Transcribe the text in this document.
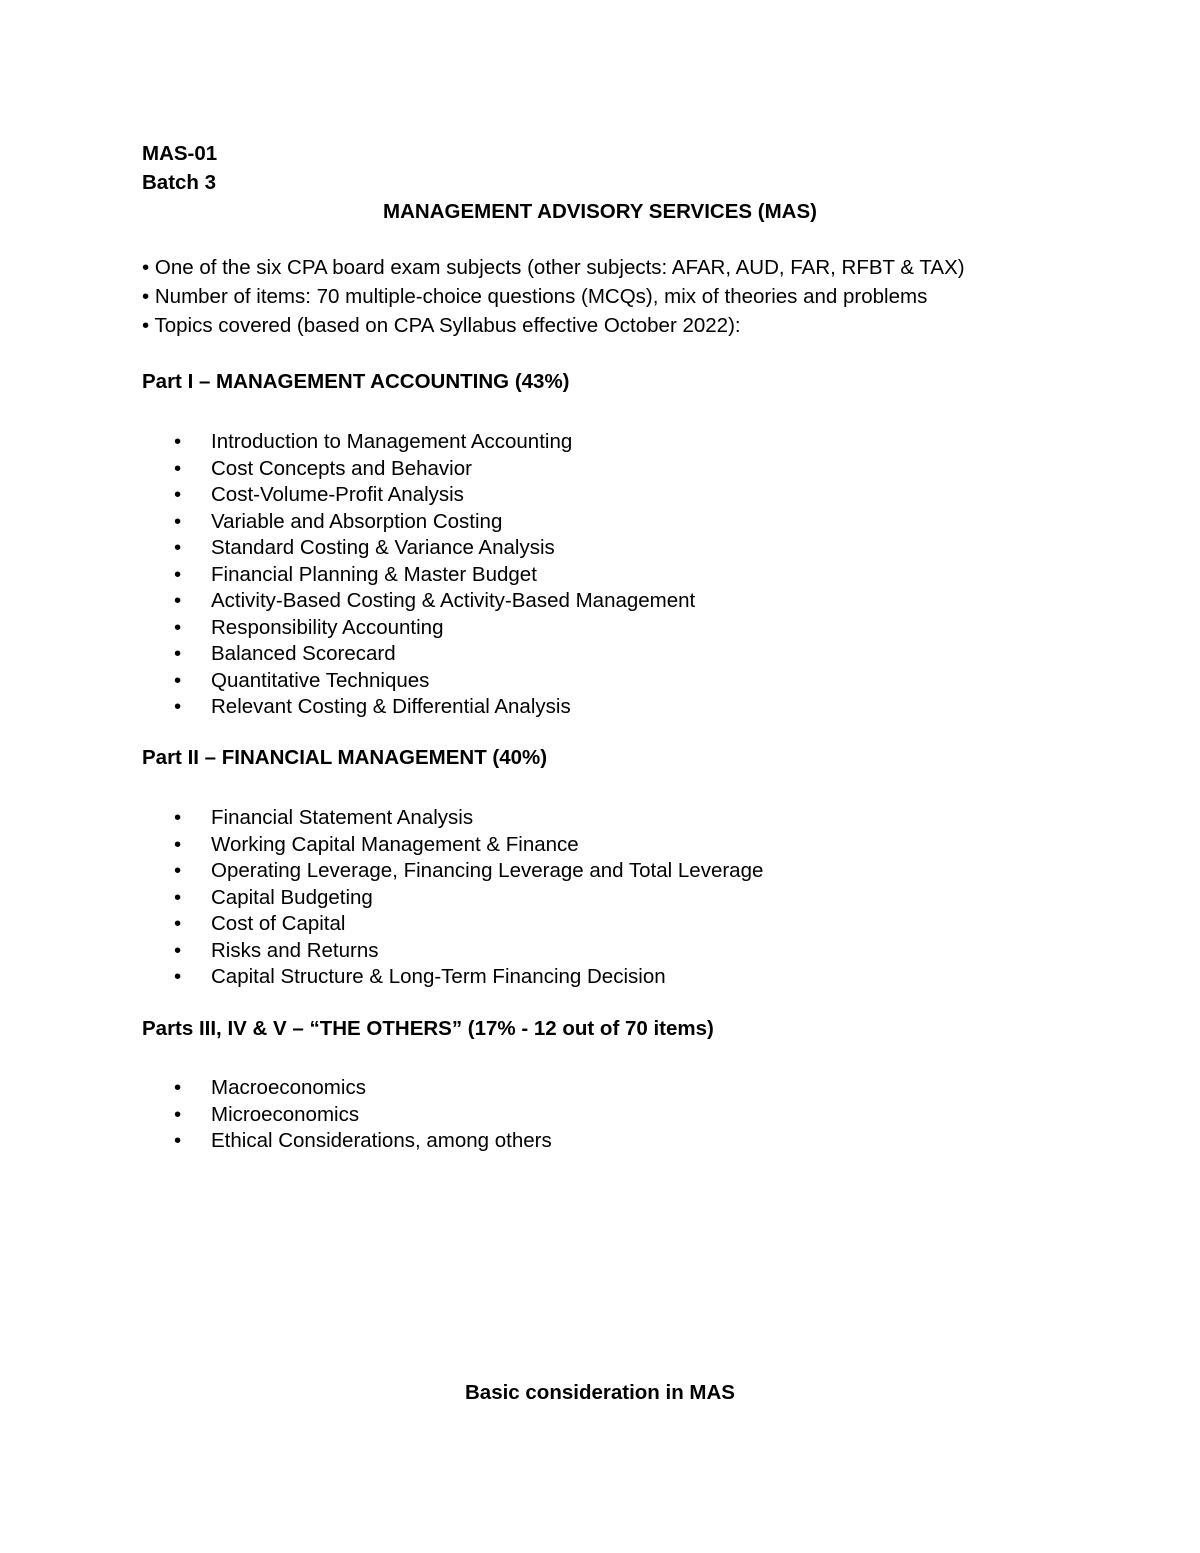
MAS-01
Batch 3
MANAGEMENT ADVISORY SERVICES (MAS)
• One of the six CPA board exam subjects (other subjects: AFAR, AUD, FAR, RFBT & TAX)
• Number of items: 70 multiple-choice questions (MCQs), mix of theories and problems
• Topics covered (based on CPA Syllabus effective October 2022):
Part I – MANAGEMENT ACCOUNTING (43%)
• Introduction to Management Accounting
• Cost Concepts and Behavior
• Cost-Volume-Profit Analysis
• Variable and Absorption Costing
• Standard Costing & Variance Analysis
• Financial Planning & Master Budget
• Activity-Based Costing & Activity-Based Management
• Responsibility Accounting
• Balanced Scorecard
• Quantitative Techniques
• Relevant Costing & Differential Analysis
Part II – FINANCIAL MANAGEMENT (40%)
• Financial Statement Analysis
• Working Capital Management & Finance
• Operating Leverage, Financing Leverage and Total Leverage
• Capital Budgeting
• Cost of Capital
• Risks and Returns
• Capital Structure & Long-Term Financing Decision
Parts III, IV & V – “THE OTHERS” (17% - 12 out of 70 items)
• Macroeconomics
• Microeconomics
• Ethical Considerations, among others
Basic consideration in MAS
